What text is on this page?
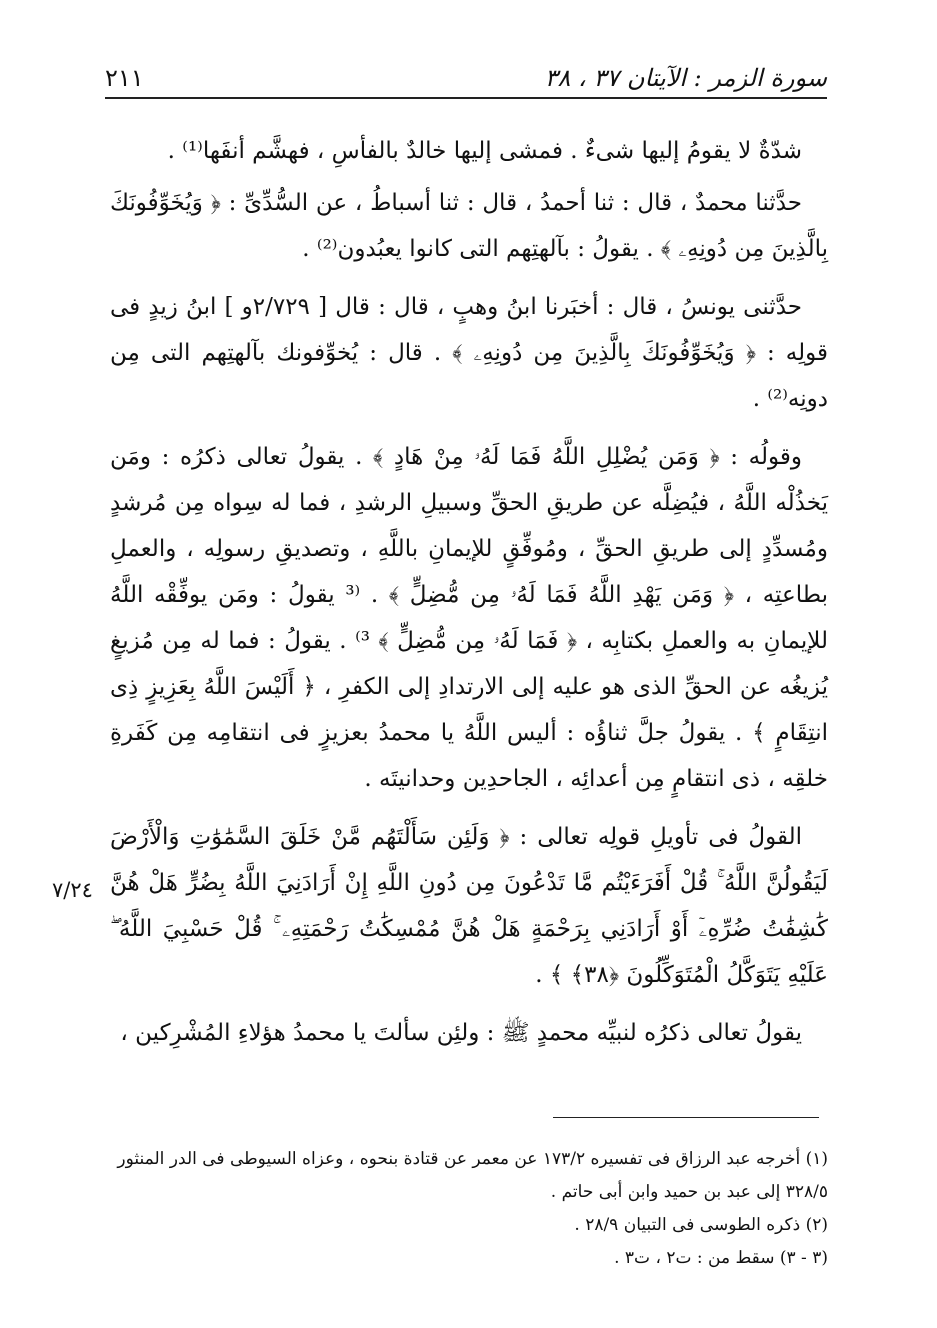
سورة الزمر : الآيتان ٣٧ ، ٣٨
٢١١

شدّةٌ لا يقومُ إليها شىءٌ . فمشى إليها خالدٌ بالفأسِ ، فهشَّم أنفَها⁽¹⁾ .

حدَّثنا محمدٌ ، قال : ثنا أحمدُ ، قال : ثنا أسباطُ ، عن السُّدِّىِّ : ﴿ وَيُخَوِّفُونَكَ بِالَّذِينَ مِن دُونِهِۦ ﴾ . يقولُ : بآلهتِهم التى كانوا يعبُدون⁽²⁾ .

حدَّثنى يونسُ ، قال : أخبَرنا ابنُ وهبٍ ، قال : قال [ ٢/٧٢٩و ] ابنُ زيدٍ فى قولِه : ﴿ وَيُخَوِّفُونَكَ بِالَّذِينَ مِن دُونِهِۦ ﴾ . قال : يُخوِّفونك بآلهتِهم التى مِن دونِه⁽²⁾ .

وقولُه : ﴿ وَمَن يُضْلِلِ اللَّهُ فَمَا لَهُۥ مِنْ هَادٍ ﴾ . يقولُ تعالى ذكرُه : ومَن يَخذُلْه اللَّهُ ، فيُضِلَّه عن طريقِ الحقِّ وسبيلِ الرشدِ ، فما له سِواه مِن مُرشدٍ ومُسدِّدٍ إلى طريقِ الحقِّ ، ومُوفِّقٍ للإيمانِ باللَّهِ ، وتصديقِ رسولِه ، والعملِ بطاعتِه ، ﴿ وَمَن يَهْدِ اللَّهُ فَمَا لَهُۥ مِن مُّضِلٍّ ﴾ . ⁽³ يقولُ : ومَن يوفِّقْه اللَّهُ للإيمانِ به والعملِ بكتابِه ، ﴿ فَمَا لَهُۥ مِن مُّضِلٍّ ﴾ ³⁾ . يقولُ : فما له مِن مُزيغٍ يُزيغُه عن الحقِّ الذى هو عليه إلى الارتدادِ إلى الكفرِ ، ﴿ أَلَيْسَ اللَّهُ بِعَزِيزٍ ذِى انتِقَامٍ ﴾ . يقولُ جلَّ ثناؤُه : أليس اللَّهُ يا محمدُ بعزيزٍ فى انتقامِه مِن كَفَرةِ خلقِه ، ذى انتقامٍ مِن أعدائِه ، الجاحدِين وحدانيتَه .

القولُ فى تأويلِ قولِه تعالى : ﴿ وَلَئِن سَأَلْتَهُم مَّنْ خَلَقَ السَّمَٰوَٰتِ وَالْأَرْضَ لَيَقُولُنَّ اللَّهُ ۚ قُلْ أَفَرَءَيْتُم مَّا تَدْعُونَ مِن دُونِ اللَّهِ إِنْ أَرَادَنِيَ اللَّهُ بِضُرٍّ هَلْ هُنَّ كَٰشِفَٰتُ ضُرِّهِۦٓ أَوْ أَرَادَنِي بِرَحْمَةٍ هَلْ هُنَّ مُمْسِكَٰتُ رَحْمَتِهِۦ ۚ قُلْ حَسْبِيَ اللَّهُ ۖ عَلَيْهِ يَتَوَكَّلُ الْمُتَوَكِّلُونَ ﴿٣٨﴾ ﴾ .

يقولُ تعالى ذكرُه لنبيِّه محمدٍ ﷺ : ولئِن سألتَ يا محمدُ هؤلاءِ المُشْرِكين ،

٧/٢٤
(١) أخرجه عبد الرزاق فى تفسيره ١٧٣/٢ عن معمر عن قتادة بنحوه ، وعزاه السيوطى فى الدر المنثور ٣٢٨/٥ إلى عبد بن حميد وابن أبى حاتم .
(٢) ذكره الطوسى فى التبيان ٢٨/٩ .
(٣ - ٣) سقط من : ت٢ ، ت٣ .
